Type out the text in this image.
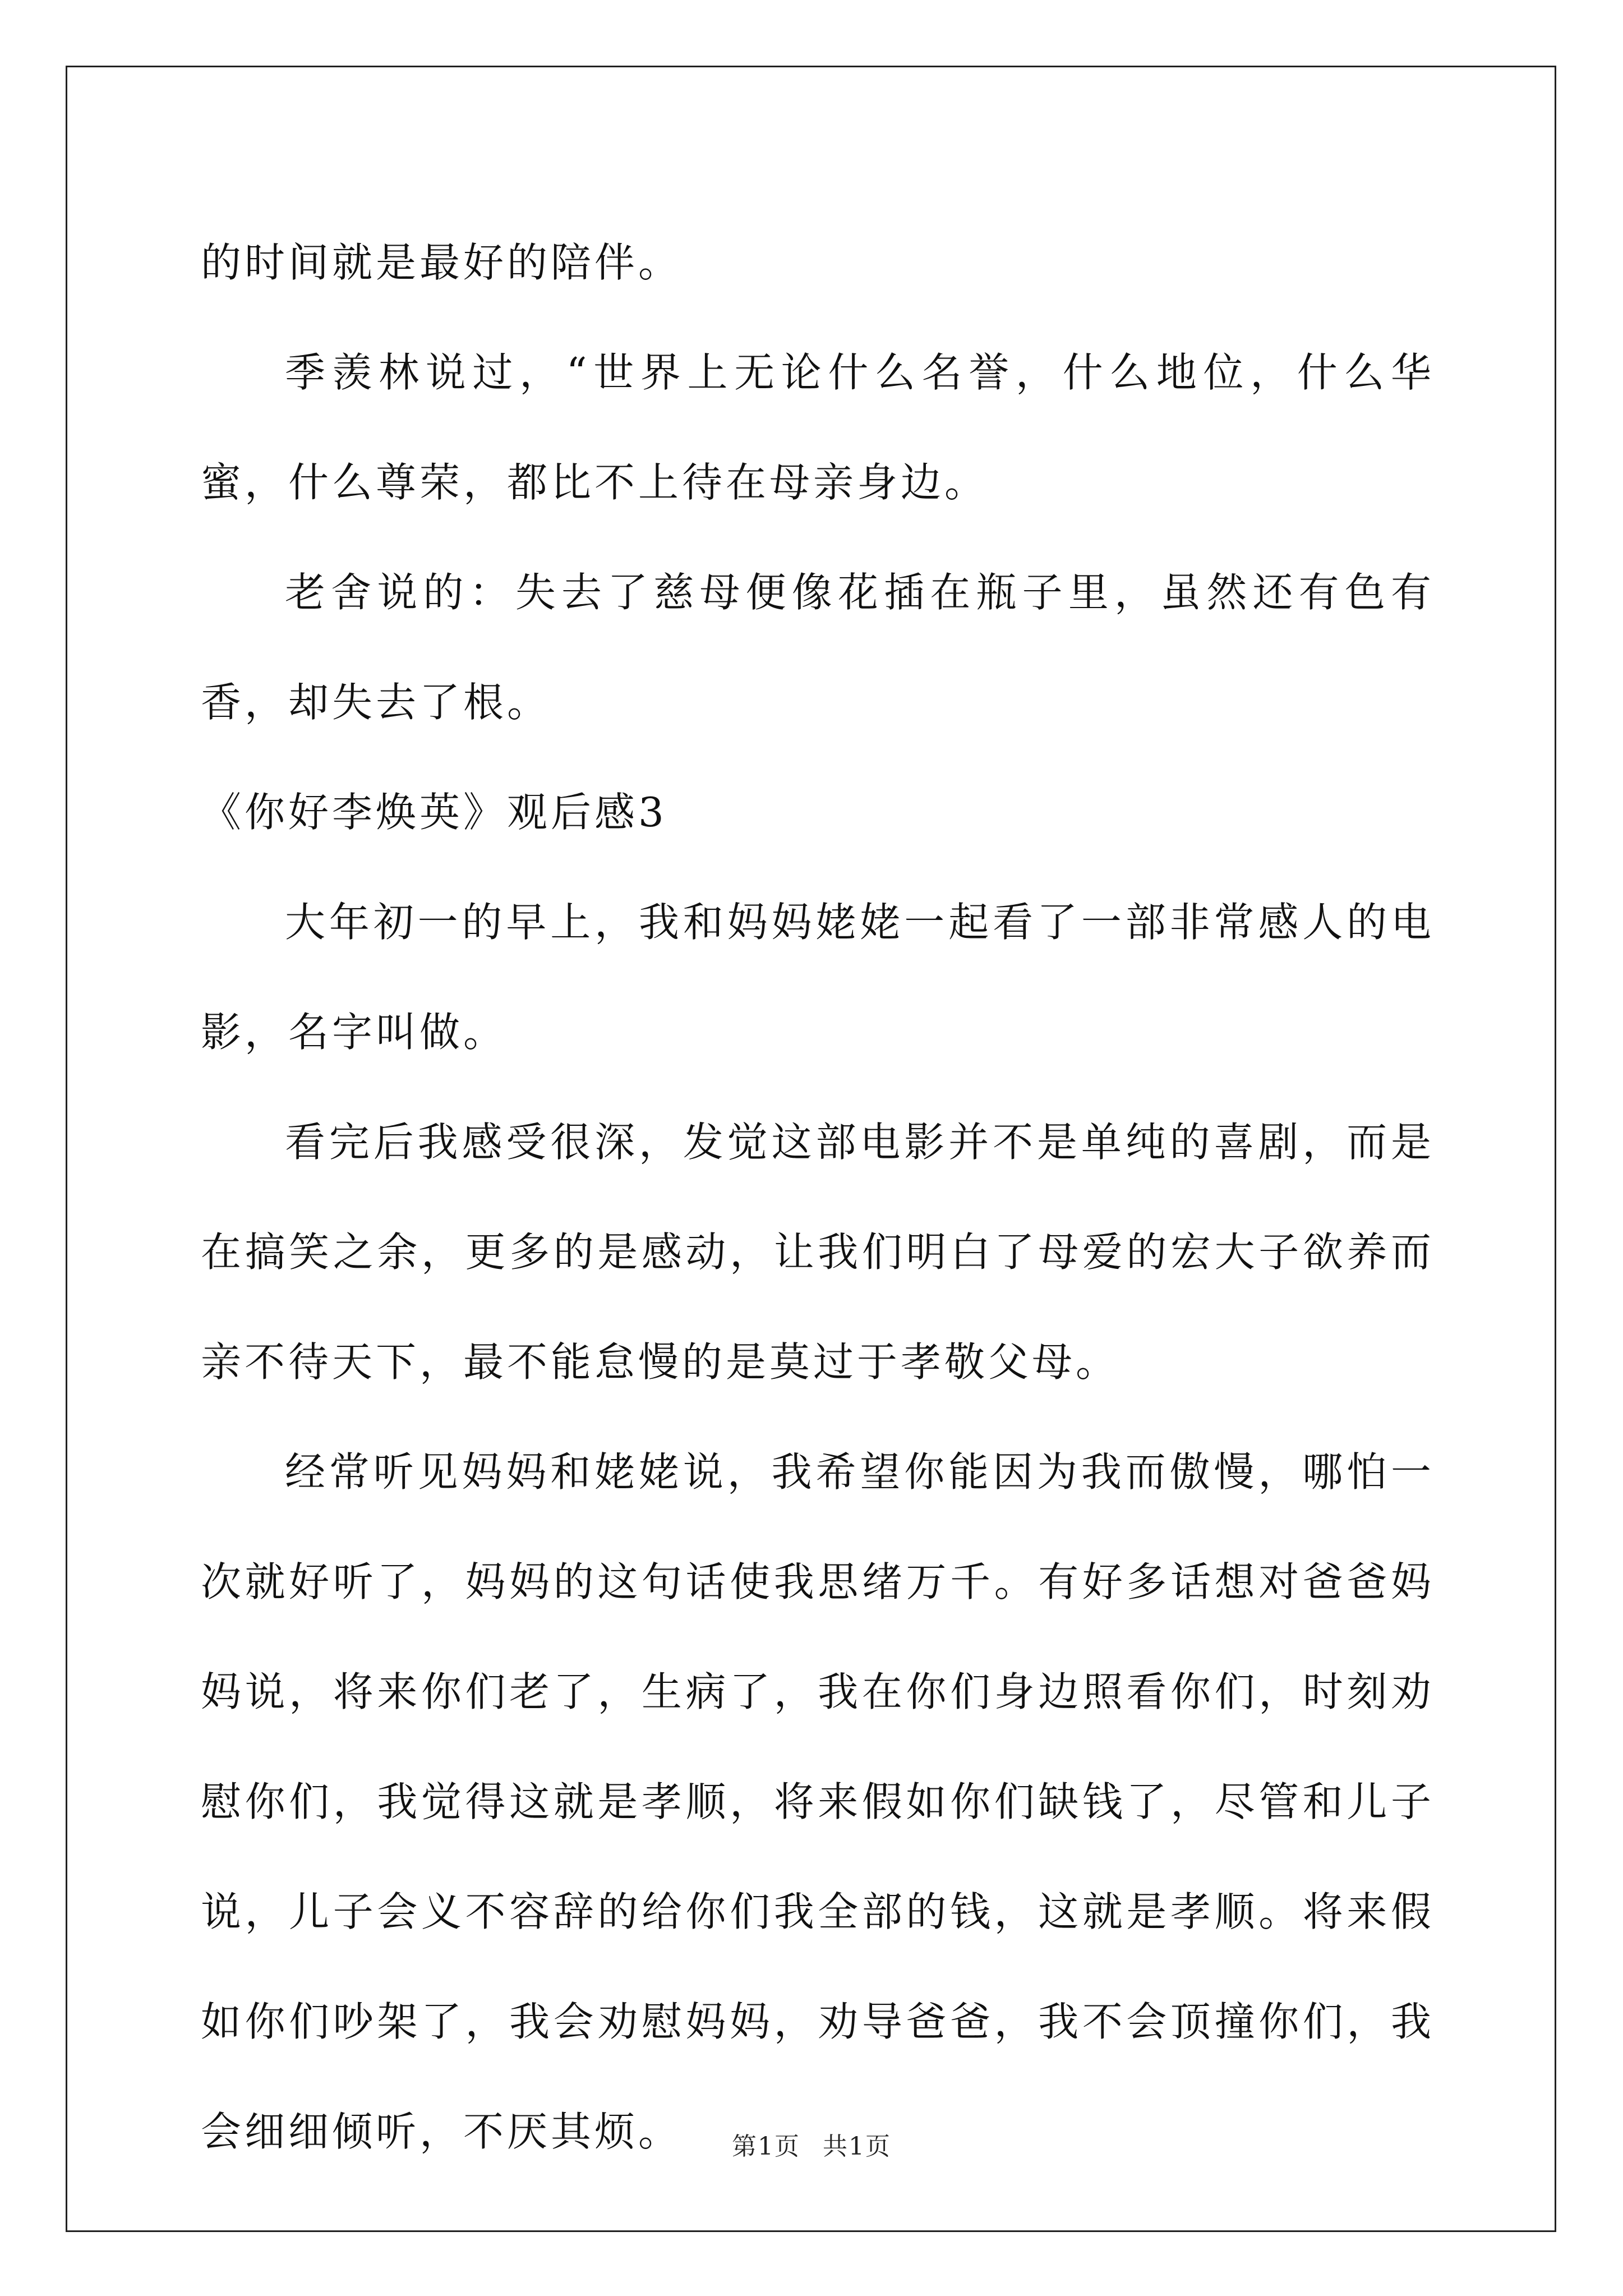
的时间就是最好的陪伴。

季羡林说过，“世界上无论什么名誉，什么地位，什么华蜜，什么尊荣，都比不上待在母亲身边。

老舍说的：失去了慈母便像花插在瓶子里，虽然还有色有香，却失去了根。

《你好李焕英》观后感3

大年初一的早上，我和妈妈姥姥一起看了一部非常感人的电影，名字叫做。

看完后我感受很深，发觉这部电影并不是单纯的喜剧，而是在搞笑之余，更多的是感动，让我们明白了母爱的宏大子欲养而亲不待天下，最不能怠慢的是莫过于孝敬父母。

经常听见妈妈和姥姥说，我希望你能因为我而傲慢，哪怕一次就好听了，妈妈的这句话使我思绪万千。有好多话想对爸爸妈妈说，将来你们老了，生病了，我在你们身边照看你们，时刻劝慰你们，我觉得这就是孝顺，将来假如你们缺钱了，尽管和儿子说，儿子会义不容辞的给你们我全部的钱，这就是孝顺。将来假如你们吵架了，我会劝慰妈妈，劝导爸爸，我不会顶撞你们，我会细细倾听，不厌其烦。	第1页 共1页
